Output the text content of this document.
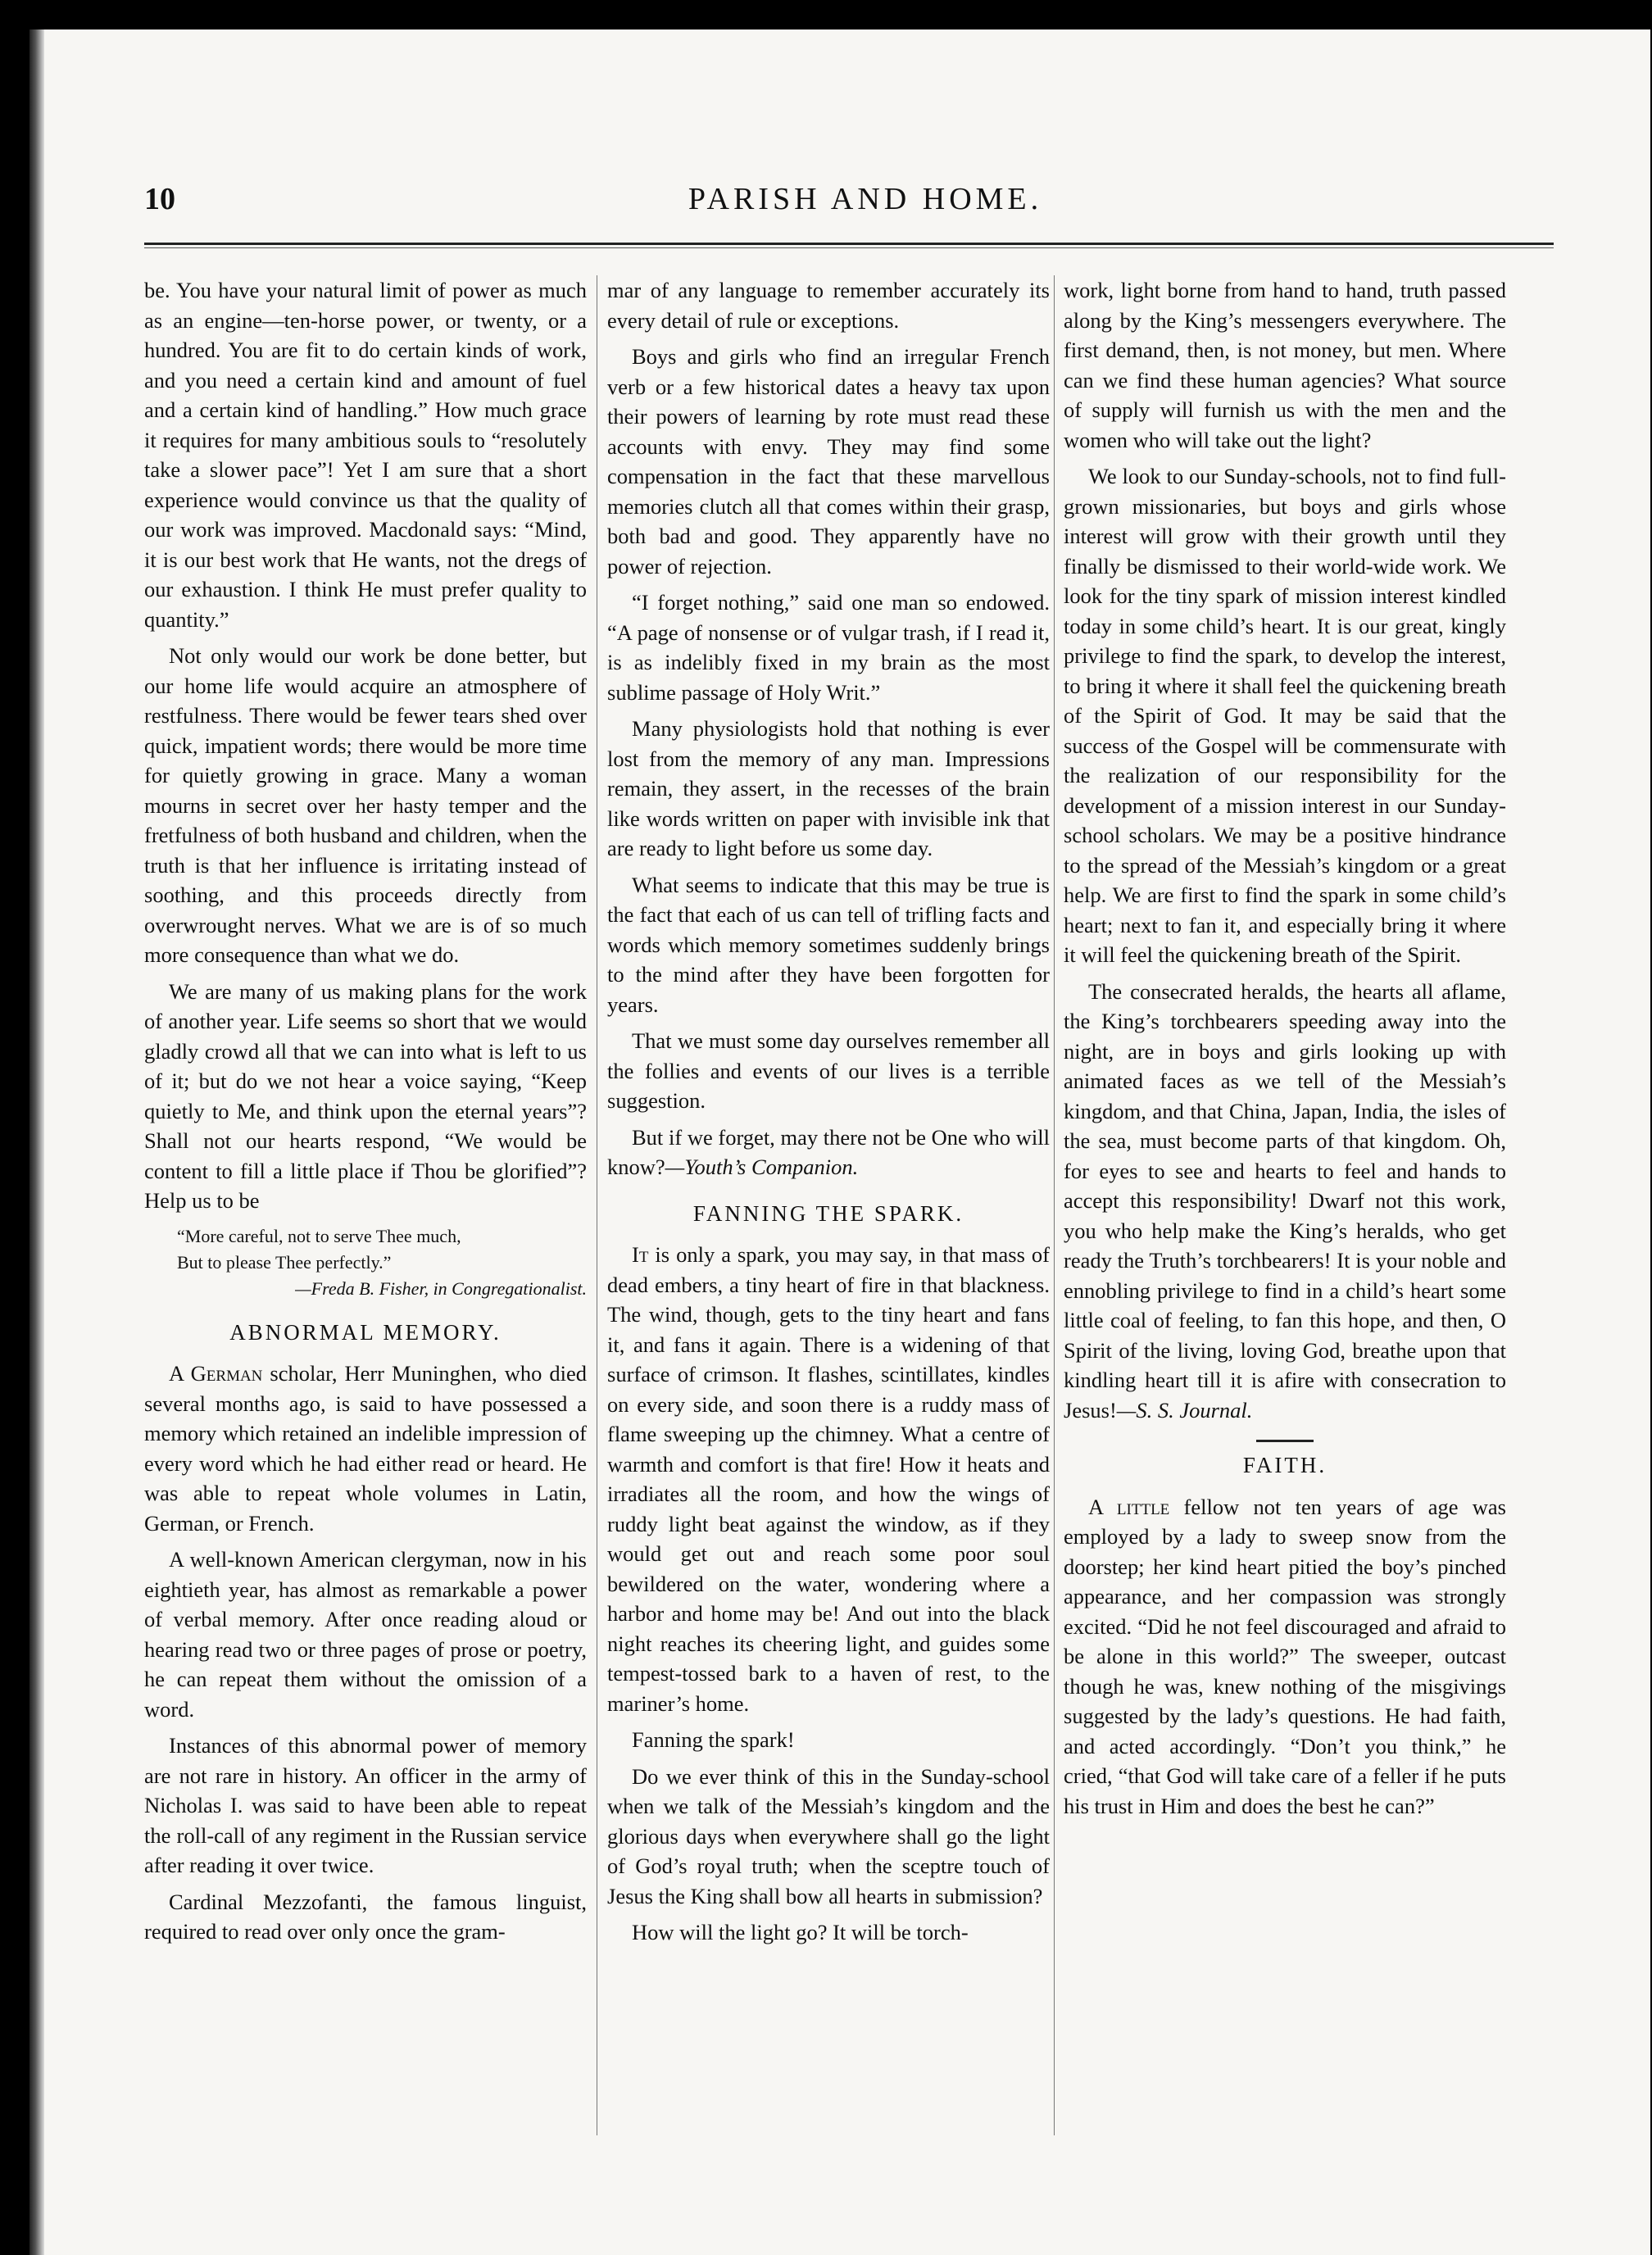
10	PARISH AND HOME.

be. You have your natural limit of power as much as an engine—ten-horse power, or twenty, or a hundred. You are fit to do certain kinds of work, and you need a certain kind and amount of fuel and a certain kind of handling.” How much grace it requires for many ambitious souls to “resolutely take a slower pace”! Yet I am sure that a short experience would convince us that the quality of our work was improved. Macdonald says: “Mind, it is our best work that He wants, not the dregs of our exhaustion. I think He must prefer quality to quantity.”

Not only would our work be done better, but our home life would acquire an atmosphere of restfulness. There would be fewer tears shed over quick, impatient words; there would be more time for quietly growing in grace. Many a woman mourns in secret over her hasty temper and the fretfulness of both husband and children, when the truth is that her influence is irritating instead of soothing, and this proceeds directly from overwrought nerves. What we are is of so much more consequence than what we do.

We are many of us making plans for the work of another year. Life seems so short that we would gladly crowd all that we can into what is left to us of it; but do we not hear a voice saying, “Keep quietly to Me, and think upon the eternal years”? Shall not our hearts respond, “We would be content to fill a little place if Thou be glorified”? Help us to be

“More careful, not to serve Thee much,
But to please Thee perfectly.”
—Freda B. Fisher, in Congregationalist.
ABNORMAL MEMORY.

A German scholar, Herr Muninghen, who died several months ago, is said to have possessed a memory which retained an indelible impression of every word which he had either read or heard. He was able to repeat whole volumes in Latin, German, or French.

A well-known American clergyman, now in his eightieth year, has almost as remarkable a power of verbal memory. After once reading aloud or hearing read two or three pages of prose or poetry, he can repeat them without the omission of a word.

Instances of this abnormal power of memory are not rare in history. An officer in the army of Nicholas I. was said to have been able to repeat the roll-call of any regiment in the Russian service after reading it over twice.

Cardinal Mezzofanti, the famous linguist, required to read over only once the gram-

mar of any language to remember accurately its every detail of rule or exceptions.

Boys and girls who find an irregular French verb or a few historical dates a heavy tax upon their powers of learning by rote must read these accounts with envy. They may find some compensation in the fact that these marvellous memories clutch all that comes within their grasp, both bad and good. They apparently have no power of rejection.

“I forget nothing,” said one man so endowed. “A page of nonsense or of vulgar trash, if I read it, is as indelibly fixed in my brain as the most sublime passage of Holy Writ.”

Many physiologists hold that nothing is ever lost from the memory of any man. Impressions remain, they assert, in the recesses of the brain like words written on paper with invisible ink that are ready to light before us some day.

What seems to indicate that this may be true is the fact that each of us can tell of trifling facts and words which memory sometimes suddenly brings to the mind after they have been forgotten for years.

That we must some day ourselves remember all the follies and events of our lives is a terrible suggestion.

But if we forget, may there not be One who will know?—Youth’s Companion.

FANNING THE SPARK.

It is only a spark, you may say, in that mass of dead embers, a tiny heart of fire in that blackness. The wind, though, gets to the tiny heart and fans it, and fans it again. There is a widening of that surface of crimson. It flashes, scintillates, kindles on every side, and soon there is a ruddy mass of flame sweeping up the chimney. What a centre of warmth and comfort is that fire! How it heats and irradiates all the room, and how the wings of ruddy light beat against the window, as if they would get out and reach some poor soul bewildered on the water, wondering where a harbor and home may be! And out into the black night reaches its cheering light, and guides some tempest-tossed bark to a haven of rest, to the mariner’s home.

Fanning the spark!

Do we ever think of this in the Sunday-school when we talk of the Messiah’s kingdom and the glorious days when everywhere shall go the light of God’s royal truth; when the sceptre touch of Jesus the King shall bow all hearts in submission?

How will the light go? It will be torch-

work, light borne from hand to hand, truth passed along by the King’s messengers everywhere. The first demand, then, is not money, but men. Where can we find these human agencies? What source of supply will furnish us with the men and the women who will take out the light?

We look to our Sunday-schools, not to find full-grown missionaries, but boys and girls whose interest will grow with their growth until they finally be dismissed to their world-wide work. We look for the tiny spark of mission interest kindled today in some child’s heart. It is our great, kingly privilege to find the spark, to develop the interest, to bring it where it shall feel the quickening breath of the Spirit of God. It may be said that the success of the Gospel will be commensurate with the realization of our responsibility for the development of a mission interest in our Sunday-school scholars. We may be a positive hindrance to the spread of the Messiah’s kingdom or a great help. We are first to find the spark in some child’s heart; next to fan it, and especially bring it where it will feel the quickening breath of the Spirit.

The consecrated heralds, the hearts all aflame, the King’s torchbearers speeding away into the night, are in boys and girls looking up with animated faces as we tell of the Messiah’s kingdom, and that China, Japan, India, the isles of the sea, must become parts of that kingdom. Oh, for eyes to see and hearts to feel and hands to accept this responsibility! Dwarf not this work, you who help make the King’s heralds, who get ready the Truth’s torchbearers! It is your noble and ennobling privilege to find in a child’s heart some little coal of feeling, to fan this hope, and then, O Spirit of the living, loving God, breathe upon that kindling heart till it is afire with consecration to Jesus!—S. S. Journal.

FAITH.

A little fellow not ten years of age was employed by a lady to sweep snow from the doorstep; her kind heart pitied the boy’s pinched appearance, and her compassion was strongly excited. “Did he not feel discouraged and afraid to be alone in this world?” The sweeper, outcast though he was, knew nothing of the misgivings suggested by the lady’s questions. He had faith, and acted accordingly. “Don’t you think,” he cried, “that God will take care of a feller if he puts his trust in Him and does the best he can?”
